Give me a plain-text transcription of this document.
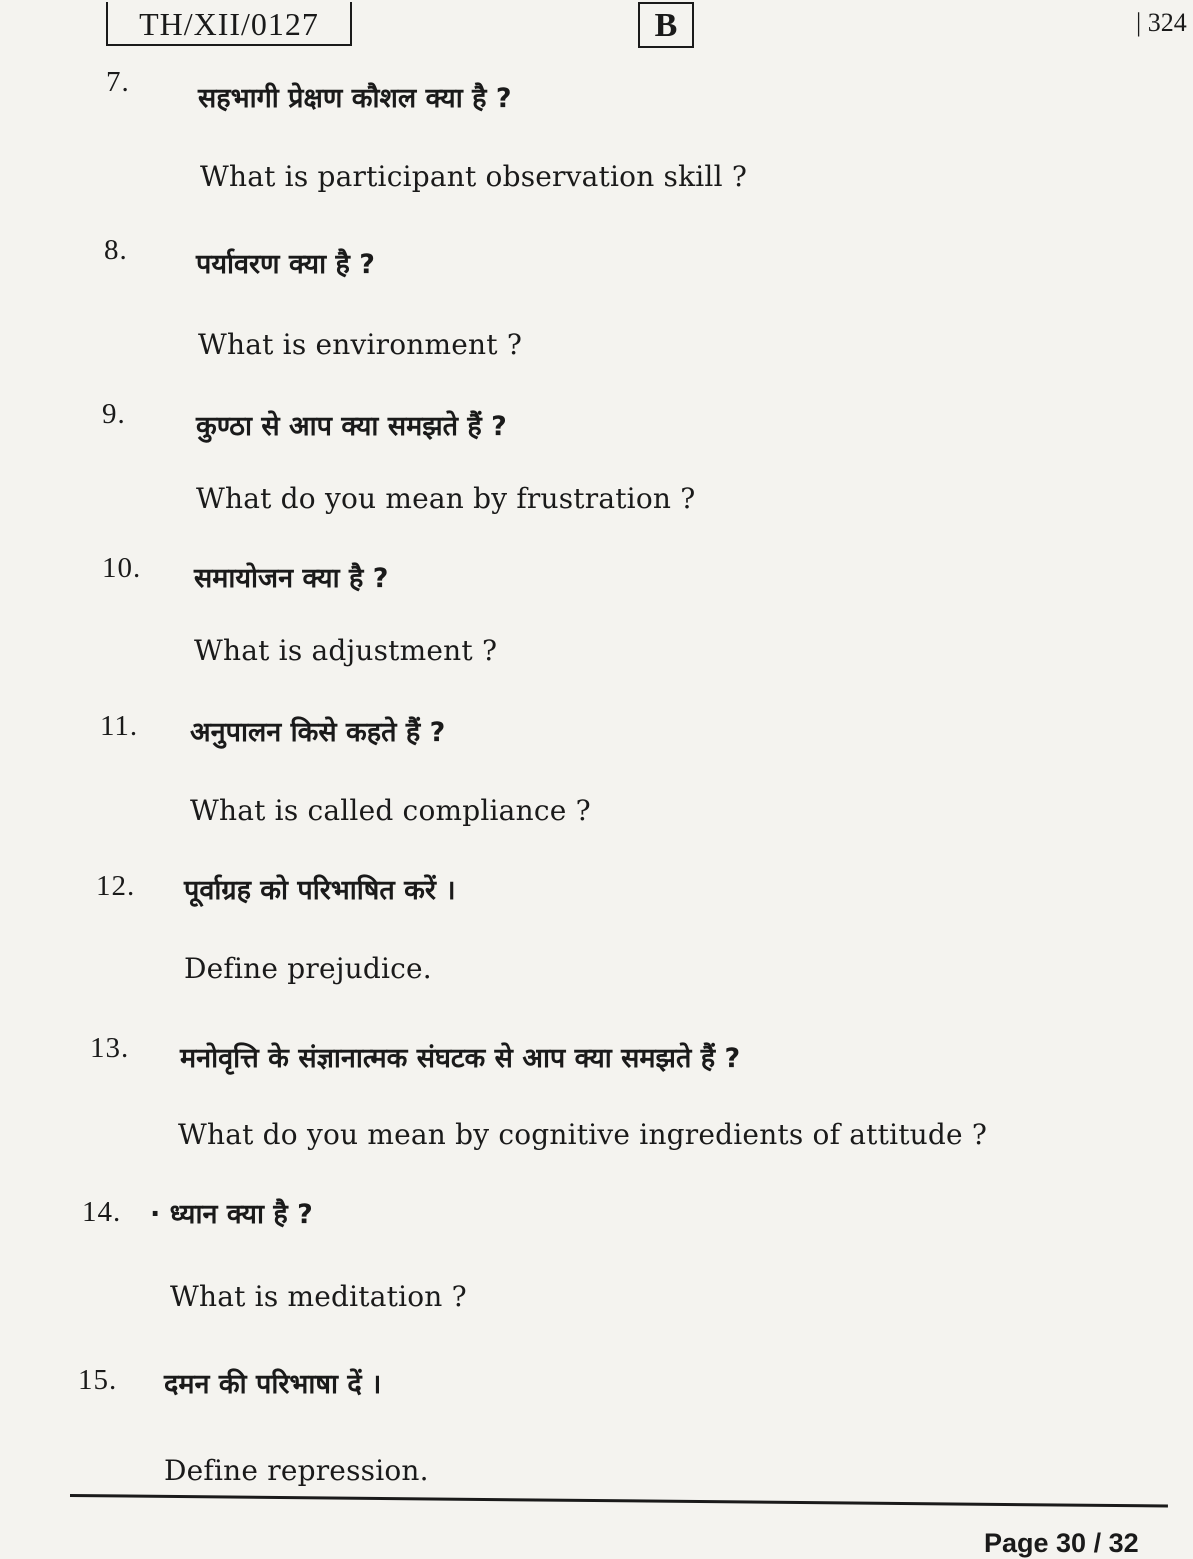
TH/XII/0127	B	| 324
7.
सहभागी प्रेक्षण कौशल क्या है ?
What is participant observation skill ?
8.	पर्यावरण क्या है ?
What is environment ?
9.	कुण्ठा से आप क्या समझते हैं ?
What do you mean by frustration ?
10. समायोजन क्या है ?
What is adjustment ?
11. अनुपालन किसे कहते हैं ?
What is called compliance ?
12. पूर्वाग्रह को परिभाषित करें ।
Define prejudice.
13. मनोवृत्ति के संज्ञानात्मक संघटक से आप क्या समझते हैं ?
What do you mean by cognitive ingredients of attitude ?
14. · ध्यान क्या है ?
What is meditation ?
15. दमन की परिभाषा दें ।
Define repression.
Page 30 / 32
